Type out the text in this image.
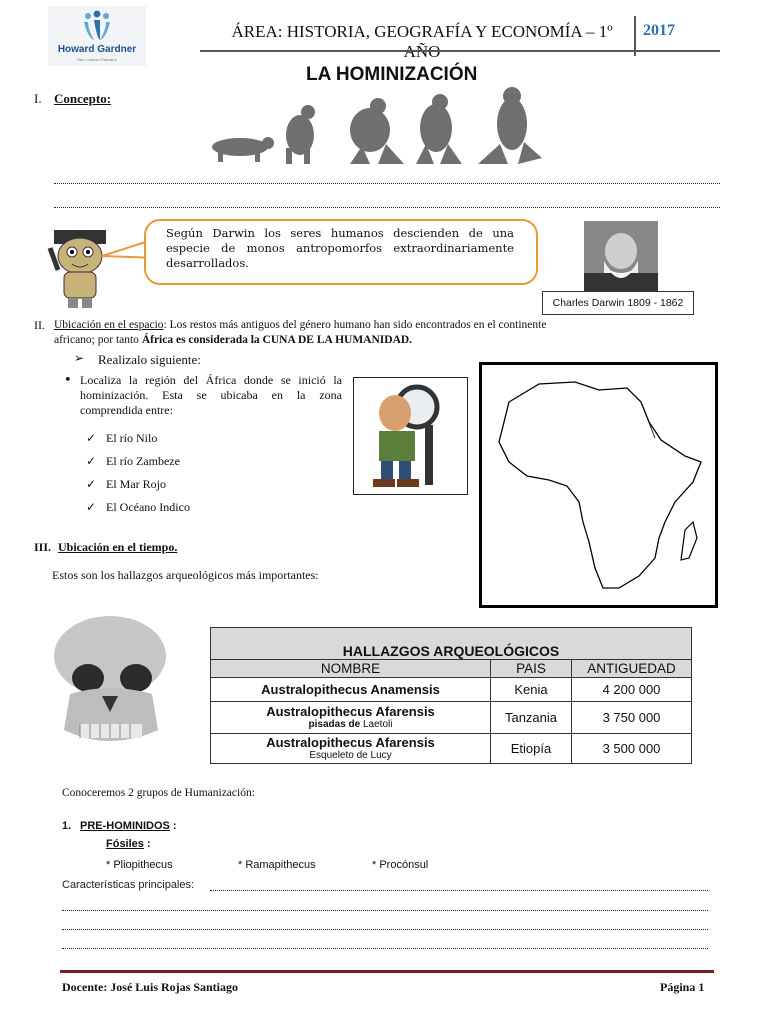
Howard Gardner
San Lorenzo Palmarín
ÁREA: HISTORIA, GEOGRAFÍA Y ECONOMÍA – 1º	2017
LA HOMINIZACIÓN
I. Concepto:
Según Darwin los seres humanos descienden de una especie de monos antropomorfos extraordinariamente desarrollados.
Charles Darwin 1809 - 1862
II. Ubicación en el espacio: Los restos más antiguos del género humano han sido encontrados en el continente africano; por tanto África es considerada la CUNA DE LA HUMANIDAD.
➢ Realizalo siguiente:
• Localiza la región del África donde se inició la hominización. Esta se ubicaba en la zona comprendida entre:
✓ El río Nilo
✓ El río Zambeze
✓ El Mar Rojo
✓ El Océano Indico
III. Ubicación en el tiempo.
Estos son los hallazgos arqueológicos más importantes:
HALLAZGOS ARQUEOLÓGICOS		
NOMBRE	PAIS	ANTIGUEDAD
Australopithecus Anamensis	Kenia	4 200 000

Australopithecus Afarensis
pisadas de Laetoli	Tanzania	3 750 000

Australopithecus Afarensis
Esqueleto de Lucy	Etiopía	3 500 000
Conoceremos 2 grupos de Humanización:
1. PRE-HOMINIDOS :
Fósiles :
* Pliopithecus	* Ramapithecus	* Procónsul
Características principales:
Docente: José Luis Rojas Santiago	Página 1
